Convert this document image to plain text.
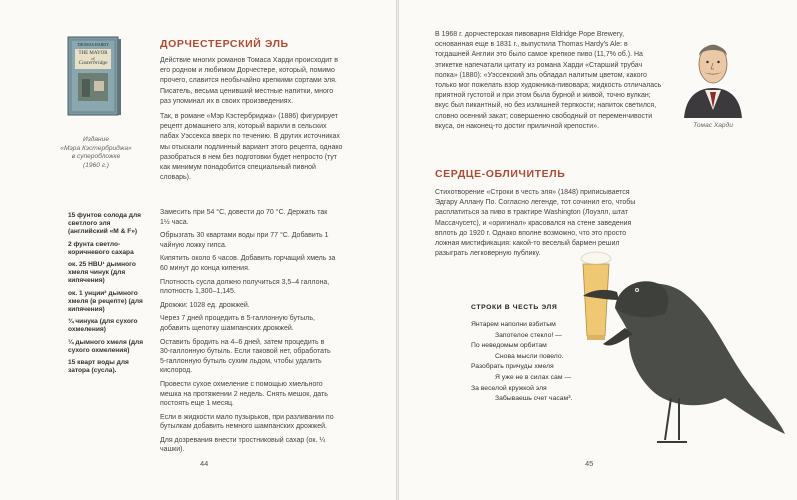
THOMAS HARDY
THE MAYOR
of
Casterbridge
Издание
«Мэра Кэстербриджа»
в суперобложке
(1960 г.)
ДОРЧЕСТЕРСКИЙ ЭЛЬ

Действие многих романов Томаса Харди происходит в его родном и любимом Дорчестере, который, помимо прочего, славится необычайно крепкими сортами эля. Писатель, весьма ценивший местные напитки, много раз упоминал их в своих произведениях.

Так, в романе «Мэр Кэстербриджа» (1886) фигурирует рецепт домашнего эля, который варили в сельских пабах Уэссекса вверх по течению. В других источниках мы отыскали подлинный вариант этого рецепта, однако разобраться в нем без подготовки будет непросто (тут как минимум понадобится специальный пивной словарь).

15 фунтов солода для светлого эля (английский «M & F»)
2 фунта светло-коричневого сахара
ок. 25 HBU¹ дымного хмеля чинук (для кипячения)
ок. 1 унции² дымного хмеля (в рецепте) (для кипячения)
¾ чинука (для сухого охмеления)
¼ дымного хмеля (для сухого охмеления)
15 кварт воды для затора (сусла).
Замесить при 54 °С, довести до 70 °С. Держать так 1½ часа.
Обрызгать 30 квартами воды при 77 °С. Добавить 1 чайную ложку гипса.
Кипятить около 6 часов. Добавить горчащий хмель за 60 минут до конца кипения.
Плотность сусла должно получиться 3,5–4 галлона, плотность 1,300–1,145.
Дрожжи: 1028 ед. дрожжей.
Через 7 дней процедить в 5-галлонную бутыль, добавить щепотку шампанских дрожжей.
Оставить бродить на 4–6 дней, затем процедить в 30-галлонную бутыль. Если таковой нет, обработать 5-галлонную бутыль сухим льдом, чтобы удалить кислород.
Провести сухое охмеление с помощью хмельного мешка на протяжении 2 недель. Снять мешок, дать постоять еще 1 месяц.
Если в жидкости мало пузырьков, при разливании по бутылкам добавить немного шампанских дрожжей.
Для дозревания внести тростниковый сахар (ок. ¼ чашки).
44
В 1968 г. дорчестерская пивоварня Eldridge Pope Brewery, основанная еще в 1831 г., выпустила Thomas Hardy's Ale: в тогдашней Англии это было самое крепкое пиво (11,7% об.). На этикетке напечатали цитату из романа Харди «Старший трубач полка» (1880): «Уэссекский эль обладал налитым цветом, какого только мог пожелать взор художника-пивовара; жидкость отличалась приятной густотой и при этом была бурной и живой, точно вулкан; вкус был пикантный, но без излишней терпкости; напиток светился, словно осенний закат; совершенно свободный от переменчивости вкуса, он наконец-то достиг приличной крепости».	Томас Харди
СЕРДЦЕ-ОБЛИЧИТЕЛЬ
Стихотворение «Строки в честь эля» (1848) приписывается Эдгару Аллану По. Согласно легенде, тот сочинил его, чтобы расплатиться за пиво в трактире Washington (Лоуэлл, штат Массачусетс), и «оригинал» красовался на стене заведения вплоть до 1920 г. Однако вполне возможно, что это просто ложная мистификация: какой-то веселый бармен решил разыграть легковерную публику.
СТРОКИ В ЧЕСТЬ ЭЛЯ
Янтарем наполни взбитым
Запотелое стекло! —
По неведомым орбитам
Снова мысли повело.
Разобрать причуды хмеля
Я уже не в силах сам —
За веселой кружкой эля
Забываешь счет часам³.
45
